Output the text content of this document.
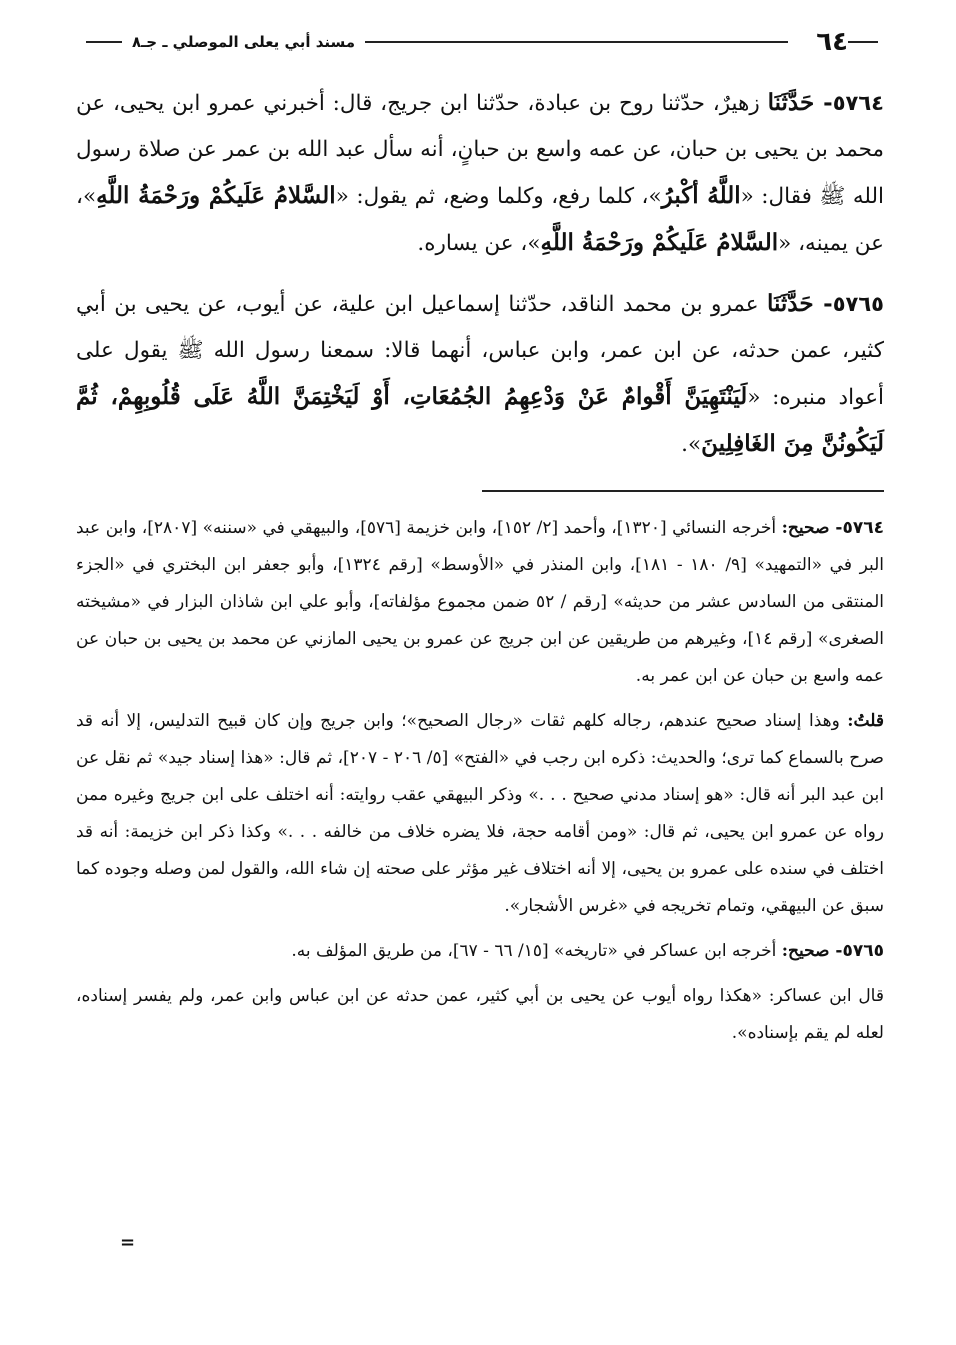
٦٤
مسند أبي يعلى الموصلي ـ جـ٨

٥٧٦٤- حَدَّثَنَا زهيرٌ، حدّثنا روح بن عبادة، حدّثنا ابن جريج، قال: أخبرني عمرو ابن يحيى، عن محمد بن يحيى بن حبان، عن عمه واسع بن حبانٍ، أنه سأل عبد الله بن عمر عن صلاة رسول الله ﷺ فقال: «اللَّهُ أكْبرُ»، كلما رفع، وكلما وضع، ثم يقول: «السَّلامُ عَلَيكُمْ ورَحْمَةُ اللَّهِ»، عن يمينه، «السَّلامُ عَلَيكُمْ ورَحْمَةُ اللَّهِ»، عن يساره.

٥٧٦٥- حَدَّثَنَا عمرو بن محمد الناقد، حدّثنا إسماعيل ابن علية، عن أيوب، عن يحيى بن أبي كثير، عمن حدثه، عن ابن عمر، وابن عباس، أنهما قالا: سمعنا رسول الله ﷺ يقول على أعواد منبره: «لَيَنْتَهِيَنَّ أَقْوامٌ عَنْ وَدْعِهِمُ الجُمُعَاتِ، أَوْ لَيَخْتِمَنَّ اللَّهُ عَلَى قُلُوبِهِمْ، ثُمَّ لَيَكُونُنَّ مِنَ الغَافِلِينَ».

٥٧٦٤- صحيح: أخرجه النسائي [١٣٢٠]، وأحمد [٢/ ١٥٢]، وابن خزيمة [٥٧٦]، والبيهقي في «سننه» [٢٨٠٧]، وابن عبد البر في «التمهيد» [٩/ ١٨٠ - ١٨١]، وابن المنذر في «الأوسط» [رقم ١٣٢٤]، وأبو جعفر ابن البختري في «الجزء المنتقى من السادس عشر من حديثه» [رقم / ٥٢ ضمن مجموع مؤلفاته]، وأبو علي ابن شاذان البزار في «مشيخته الصغرى» [رقم ١٤]، وغيرهم من طريقين عن ابن جريج عن عمرو بن يحيى المازني عن محمد بن يحيى بن حبان عن عمه واسع بن حبان عن ابن عمر به.

قلتُ: وهذا إسناد صحيح عندهم، رجاله كلهم ثقات «رجال الصحيح»؛ وابن جريج وإن كان قبيح التدليس، إلا أنه قد صرح بالسماع كما ترى؛ والحديث: ذكره ابن رجب في «الفتح» [٥/ ٢٠٦ - ٢٠٧]، ثم قال: «هذا إسناد جيد» ثم نقل عن ابن عبد البر أنه قال: «هو إسناد مدني صحيح . . .» وذكر البيهقي عقب روايته: أنه اختلف على ابن جريج وغيره ممن رواه عن عمرو ابن يحيى، ثم قال: «ومن أقامه حجة، فلا يضره خلاف من خالفه . . .» وكذا ذكر ابن خزيمة: أنه قد اختلف في سنده على عمرو بن يحيى، إلا أنه اختلاف غير مؤثر على صحته إن شاء الله، والقول لمن وصله وجوده كما سبق عن البيهقي، وتمام تخريجه في «غرس الأشجار».

٥٧٦٥- صحيح: أخرجه ابن عساكر في «تاريخه» [١٥/ ٦٦ - ٦٧]، من طريق المؤلف به.

قال ابن عساكر: «هكذا رواه أيوب عن يحيى بن أبي كثير، عمن حدثه عن ابن عباس وابن عمر، ولم يفسر إسناده، لعله لم يقم بإسناده».

=
